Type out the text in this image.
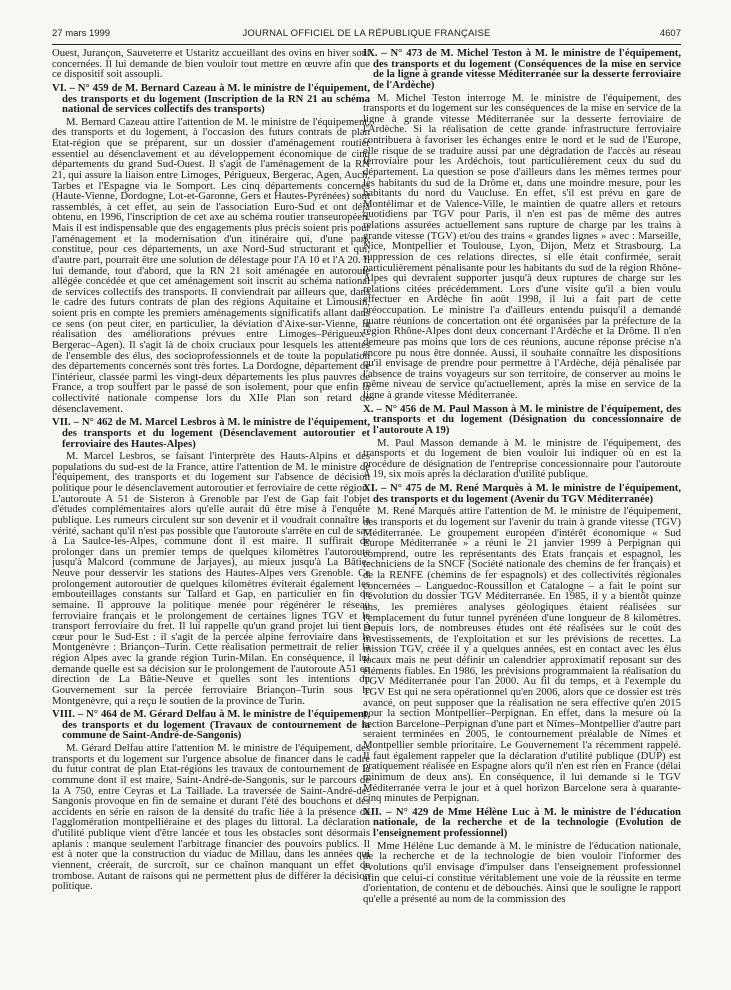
27 mars 1999	JOURNAL OFFICIEL DE LA RÉPUBLIQUE FRANÇAISE	4607

Ouest, Jurançon, Sauveterre et Ustaritz accueillant des ovins en hiver sont concernées. Il lui demande de bien vouloir tout mettre en œuvre afin que ce dispositif soit assoupli.

VI. – N° 459 de M. Bernard Cazeau à M. le ministre de l'équipement, des transports et du logement (Inscription de la RN 21 au schéma national de services collectifs des transports)

M. Bernard Cazeau attire l'attention de M. le ministre de l'équipement, des transports et du logement, à l'occasion des futurs contrats de plan Etat-région que se préparent, sur un dossier d'aménagement routier essentiel au désenclavement et au développement économique de cinq départements du grand Sud-Ouest. Il s'agit de l'aménagement de la RN 21, qui assure la liaison entre Limoges, Périgueux, Bergerac, Agen, Auch, Tarbes et l'Espagne via le Somport. Les cinq départements concernés (Haute-Vienne, Dordogne, Lot-et-Garonne, Gers et Hautes-Pyrénées) sont rassemblés, à cet effet, au sein de l'association Euro-Sud et ont déjà obtenu, en 1996, l'inscription de cet axe au schéma routier transeuropéen. Mais il est indispensable que des engagements plus précis soient pris pour l'aménagement et la modernisation d'un itinéraire qui, d'une part, constitue, pour ces départements, un axe Nord-Sud structurant et qui, d'autre part, pourrait être une solution de délestage pour l'A 10 et l'A 20. Il lui demande, tout d'abord, que la RN 21 soit aménagée en autoroute allégée concédée et que cet aménagement soit inscrit au schéma national de services collectifs des transports. Il conviendrait par ailleurs que, dans le cadre des futurs contrats de plan des régions Aquitaine et Limousin, soient pris en compte les premiers aménagements significatifs allant dans ce sens (on peut citer, en particulier, la déviation d'Aixe-sur-Vienne, la réalisation des améliorations prévues entre Limoges–Périgueux–Bergerac–Agen). Il s'agit là de choix cruciaux pour lesquels les attentes de l'ensemble des élus, des socioprofessionnels et de toute la population des départements concernés sont très fortes. La Dordogne, département de l'intérieur, classée parmi les vingt-deux départements les plus pauvres de France, a trop souffert par le passé de son isolement, pour que enfin la collectivité nationale compense lors du XIIe Plan son retard de désenclavement.

VII. – N° 462 de M. Marcel Lesbros à M. le ministre de l'équipement, des transports et du logement (Désenclavement autoroutier et ferroviaire des Hautes-Alpes)

M. Marcel Lesbros, se faisant l'interprète des Hauts-Alpins et des populations du sud-est de la France, attire l'attention de M. le ministre de l'équipement, des transports et du logement sur l'absence de décision politique pour le désenclavement autoroutier et ferroviaire de cette région. L'autoroute A 51 de Sisteron à Grenoble par l'est de Gap fait l'objet d'études complémentaires alors qu'elle aurait dû être mise à l'enquête publique. Les rumeurs circulent sur son devenir et il voudrait connaître la vérité, sachant qu'il n'est pas possible que l'autoroute s'arrête en cul de sac à La Saulce-les-Alpes, commune dont il est maire. Il suffirait de prolonger dans un premier temps de quelques kilomètres l'autoroute jusqu'à Malcord (commune de Jarjayes), au mieux jusqu'à La Bâtie-Neuve pour desservir les stations des Hautes-Alpes vers Grenoble. Ce prolongement autoroutier de quelques kilomètres éviterait également les embouteillages constants sur Tallard et Gap, en particulier en fin de semaine. Il approuve la politique menée pour régénérer le réseau ferroviaire français et le prolongement de certaines lignes TGV et le transport ferroviaire du fret. Il lui rappelle qu'un grand projet lui tient à cœur pour le Sud-Est : il s'agit de la percée alpine ferroviaire dans le Montgenèvre : Briançon–Turin. Cette réalisation permettrait de relier la région Alpes avec la grande région Turin-Milan. En conséquence, il lui demande quelle est sa décision sur le prolongement de l'autoroute A51 en direction de La Bâtie-Neuve et quelles sont les intentions du Gouvernement sur la percée ferroviaire Briançon–Turin sous le Montgenèvre, qui a reçu le soutien de la province de Turin.

VIII. – N° 464 de M. Gérard Delfau à M. le ministre de l'équipement, des transports et du logement (Travaux de contournement de la commune de Saint-André-de-Sangonis)

M. Gérard Delfau attire l'attention M. le ministre de l'équipement, des transports et du logement sur l'urgence absolue de financer dans le cadre du futur contrat de plan Etat-régions les travaux de contournement de la commune dont il est maire, Saint-André-de-Sangonis, sur le parcours de la A 750, entre Ceyras et La Taillade. La traversée de Saint-André-de-Sangonis provoque en fin de semaine et durant l'été des bouchons et des accidents en série en raison de la densité du trafic liée à la présence de l'agglomération montpelliéraine et des plages du littoral. La déclaration d'utilité publique vient d'être lancée et tous les obstacles sont désormais aplanis : manque seulement l'arbitrage financier des pouvoirs publics. Il est à noter que la construction du viaduc de Millau, dans les années qui viennent, créerait, de surcroît, sur ce chaînon manquant un effet de trombose. Autant de raisons qui ne permettent plus de différer la décision politique.

IX. – N° 473 de M. Michel Teston à M. le ministre de l'équipement, des transports et du logement (Conséquences de la mise en service de la ligne à grande vitesse Méditerranée sur la desserte ferroviaire de l'Ardèche)

M. Michel Teston interroge M. le ministre de l'équipement, des transports et du logement sur les conséquences de la mise en service de la ligne à grande vitesse Méditerranée sur la desserte ferroviaire de l'Ardèche. Si la réalisation de cette grande infrastructure ferroviaire contribuera à favoriser les échanges entre le nord et le sud de l'Europe, elle risque de se traduire aussi par une dégradation de l'accès au réseau ferroviaire pour les Ardéchois, tout particulièrement ceux du sud du département. La question se pose d'ailleurs dans les mêmes termes pour les habitants du sud de la Drôme et, dans une moindre mesure, pour les habitants du nord du Vaucluse. En effet, s'il est prévu en gare de Montélimar et de Valence-Ville, le maintien de quatre allers et retours quotidiens par TGV pour Paris, il n'en est pas de même des autres relations assurées actuellement sans rupture de charge par les trains à grande vitesse (TGV) et/ou des trains « grandes lignes » avec : Marseille, Nice, Montpellier et Toulouse, Lyon, Dijon, Metz et Strasbourg. La suppression de ces relations directes, si elle était confirmée, serait particulièrement pénalisante pour les habitants du sud de la région Rhône-Alpes qui devraient supporter jusqu'à deux ruptures de charge sur les relations citées précédemment. Lors d'une visite qu'il a bien voulu effectuer en Ardèche fin août 1998, il lui a fait part de cette préoccupation. Le ministre l'a d'ailleurs entendu puisqu'il a demandé quatre réunions de concertation ont été organisées par la préfecture de la région Rhône-Alpes dont deux concernant l'Ardèche et la Drôme. Il n'en demeure pas moins que lors de ces réunions, aucune réponse précise n'a encore pu nous être donnée. Aussi, il souhaite connaître les dispositions qu'il envisage de prendre pour permettre à l'Ardèche, déjà pénalisée par l'absence de trains voyageurs sur son territoire, de conserver au moins le même niveau de service qu'actuellement, après la mise en service de la ligne à grande vitesse Méditerranée.

X. – N° 456 de M. Paul Masson à M. le ministre de l'équipement, des transports et du logement (Désignation du concessionnaire de l'autoroute A 19)

M. Paul Masson demande à M. le ministre de l'équipement, des transports et du logement de bien vouloir lui indiquer où en est la procédure de désignation de l'entreprise concessionnaire pour l'autoroute A 19, six mois après la déclaration d'utilité publique.

XI. – N° 475 de M. René Marquès à M. le ministre de l'équipement, des transports et du logement (Avenir du TGV Méditerranée)

M. René Marquès attire l'attention de M. le ministre de l'équipement, des transports et du logement sur l'avenir du train à grande vitesse (TGV) Méditerranée. Le groupement européen d'intérêt économique « Sud Europe Méditerranée » a réuni le 21 janvier 1999 à Perpignan qui comprend, outre les représentants des Etats français et espagnol, les techniciens de la SNCF (Société nationale des chemins de fer français) et de la RENFE (chemins de fer espagnols) et des collectivités régionales concernées – Languedoc-Roussillon et Catalogne – a fait le point sur l'évolution du dossier TGV Méditerranée. En 1985, il y a bientôt quinze ans, les premières analyses géologiques étaient réalisées sur l'emplacement du futur tunnel pyrénéen d'une longueur de 8 kilomètres. Depuis lors, de nombreuses études ont été réalisées sur le coût des investissements, de l'exploitation et sur les prévisions de recettes. La mission TGV, créée il y a quelques années, est en contact avec les élus locaux mais ne peut définir un calendrier approximatif reposant sur des éléments fiables. En 1986, les prévisions programmaient la réalisation du TGV Méditerranée pour l'an 2000. Au fil du temps, et à l'exemple du TGV Est qui ne sera opérationnel qu'en 2006, alors que ce dossier est très avancé, on peut supposer que la réalisation ne sera effective qu'en 2015 pour la section Montpellier–Perpignan. En effet, dans la mesure où la section Barcelone–Perpignan d'une part et Nîmes–Montpellier d'autre part seraient terminées en 2005, le contournement préalable de Nîmes et Montpellier semble prioritaire. Le Gouvernement l'a récemment rappelé. Il faut également rappeler que la déclaration d'utilité publique (DUP) est pratiquement réalisée en Espagne alors qu'il n'en est rien en France (délai minimum de deux ans). En conséquence, il lui demande si le TGV Méditerranée verra le jour et à quel horizon Barcelone sera à quarante-cinq minutes de Perpignan.

XII. – N° 429 de Mme Hélène Luc à M. le ministre de l'éducation nationale, de la recherche et de la technologie (Evolution de l'enseignement professionnel)

Mme Hélène Luc demande à M. le ministre de l'éducation nationale, de la recherche et de la technologie de bien vouloir l'informer des évolutions qu'il envisage d'impulser dans l'enseignement professionnel afin que celui-ci constitue véritablement une voie de la réussite en terme d'orientation, de contenu et de débouchés. Ainsi que le souligne le rapport qu'elle a présenté au nom de la commission des
